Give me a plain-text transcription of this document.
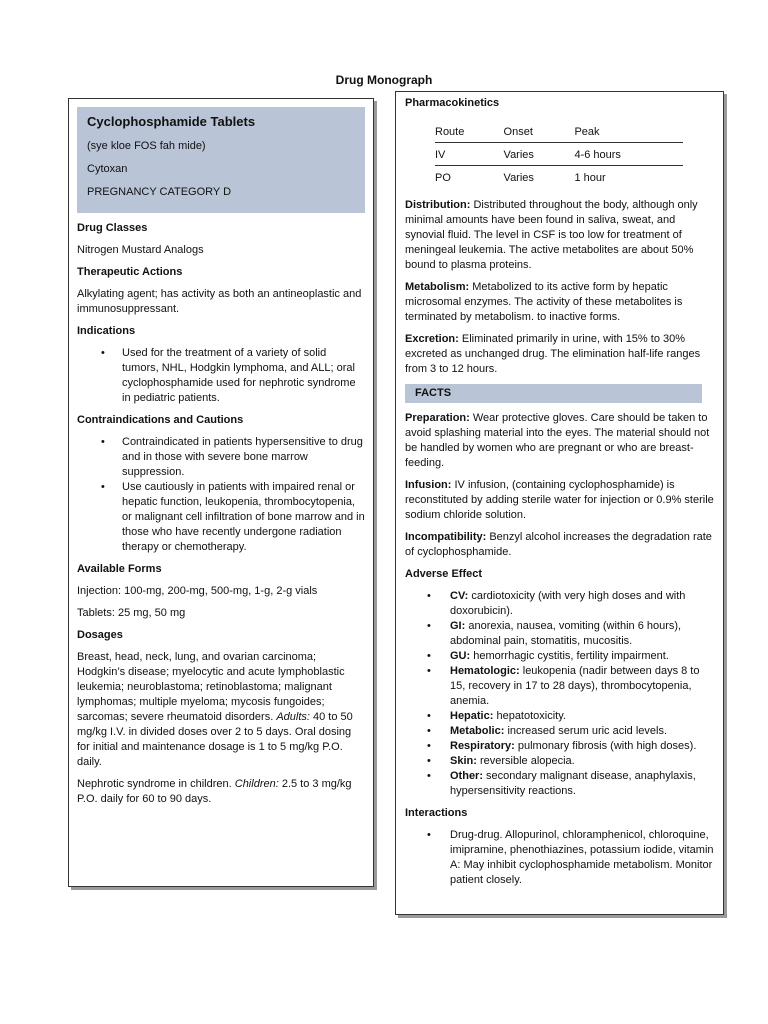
Drug Monograph
Cyclophosphamide Tablets
(sye kloe FOS fah mide)
Cytoxan
PREGNANCY CATEGORY D
Drug Classes
Nitrogen Mustard Analogs
Therapeutic Actions
Alkylating agent; has activity as both an antineoplastic and immunosuppressant.
Indications
• Used for the treatment of a variety of solid tumors, NHL, Hodgkin lymphoma, and ALL; oral cyclophosphamide used for nephrotic syndrome in pediatric patients.
Contraindications and Cautions
• Contraindicated in patients hypersensitive to drug and in those with severe bone marrow suppression.
• Use cautiously in patients with impaired renal or hepatic function, leukopenia, thrombocytopenia, or malignant cell infiltration of bone marrow and in those who have recently undergone radiation therapy or chemotherapy.
Available Forms
Injection: 100-mg, 200-mg, 500-mg, 1-g, 2-g vials
Tablets: 25 mg, 50 mg
Dosages
Breast, head, neck, lung, and ovarian carcinoma; Hodgkin’s disease; myelocytic and acute lymphoblastic leukemia; neuroblastoma; retinoblastoma; malignant lymphomas; multiple myeloma; mycosis fungoides; sarcomas; severe rheumatoid disorders. Adults: 40 to 50 mg/kg I.V. in divided doses over 2 to 5 days. Oral dosing for initial and maintenance dosage is 1 to 5 mg/kg P.O. daily.
Nephrotic syndrome in children. Children: 2.5 to 3 mg/kg P.O. daily for 60 to 90 days.
Pharmacokinetics
Route	Onset	Peak
IV	Varies	4-6 hours
PO	Varies	1 hour
Distribution: Distributed throughout the body, although only minimal amounts have been found in saliva, sweat, and synovial fluid. The level in CSF is too low for treatment of meningeal leukemia. The active metabolites are about 50% bound to plasma proteins.
Metabolism: Metabolized to its active form by hepatic microsomal enzymes. The activity of these metabolites is terminated by metabolism. to inactive forms.
Excretion: Eliminated primarily in urine, with 15% to 30% excreted as unchanged drug. The elimination half-life ranges from 3 to 12 hours.
FACTS
Preparation: Wear protective gloves. Care should be taken to avoid splashing material into the eyes. The material should not be handled by women who are pregnant or who are breast-feeding.
Infusion: IV infusion, (containing cyclophosphamide) is reconstituted by adding sterile water for injection or 0.9% sterile sodium chloride solution.
Incompatibility: Benzyl alcohol increases the degradation rate of cyclophosphamide.
Adverse Effect
• CV: cardiotoxicity (with very high doses and with doxorubicin).
• GI: anorexia, nausea, vomiting (within 6 hours), abdominal pain, stomatitis, mucositis.
• GU: hemorrhagic cystitis, fertility impairment.
• Hematologic: leukopenia (nadir between days 8 to 15, recovery in 17 to 28 days), thrombocytopenia, anemia.
• Hepatic: hepatotoxicity.
• Metabolic: increased serum uric acid levels.
• Respiratory: pulmonary fibrosis (with high doses).
• Skin: reversible alopecia.
• Other: secondary malignant disease, anaphylaxis, hypersensitivity reactions.
Interactions
• Drug-drug. Allopurinol, chloramphenicol, chloroquine, imipramine, phenothiazines, potassium iodide, vitamin A: May inhibit cyclophosphamide metabolism. Monitor patient closely.
